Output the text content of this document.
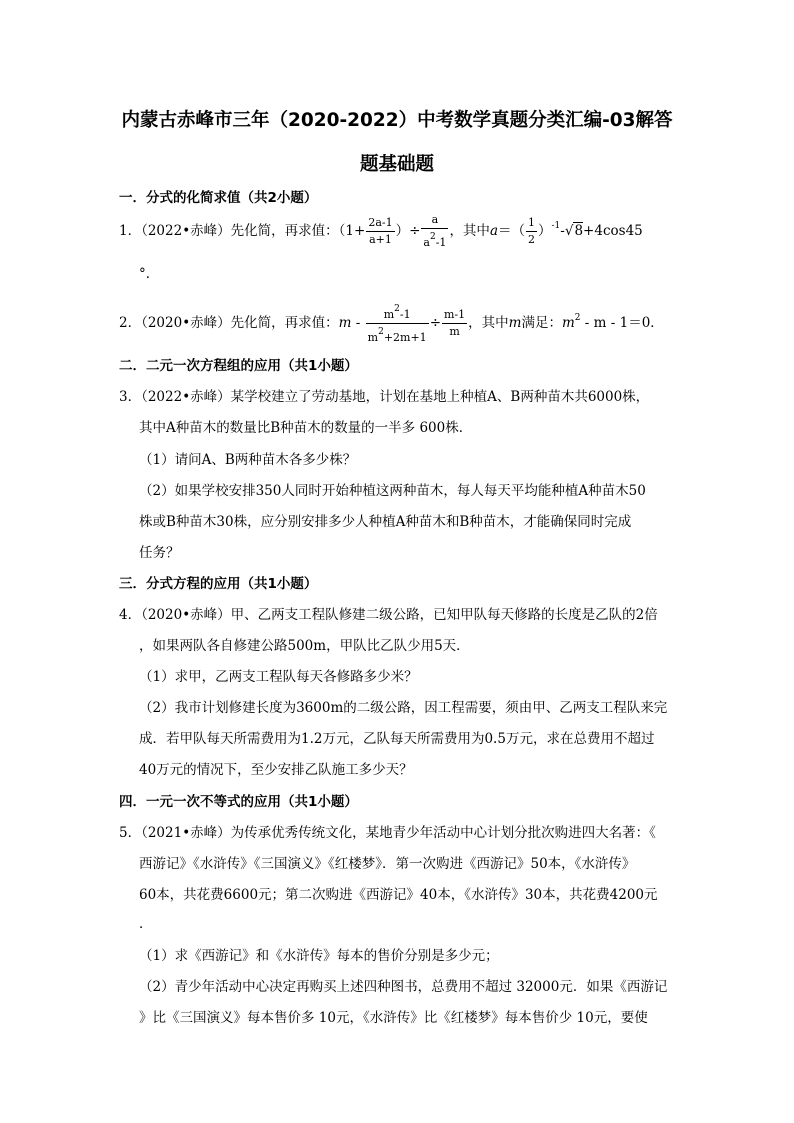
内蒙古赤峰市三年（2020-2022）中考数学真题分类汇编-03解答
题基础题
一．分式的化简求值（共2小题）
1．（2022•赤峰）先化简，再求值：（$1+ \frac{2a-1}{a+1}$ ）÷ $\frac{a}{a^2-1}$ ，其中$a=( \frac{1}{2} )^{-1}-√8+4\cos 45$
°．
2．（2020•赤峰）先化简，再求值：$m - \frac{m^2-1}{m^2+2m+1} \div \frac{m-1}{m}$ ，其中m满足：$m^2 - m - 1=0$．
二．二元一次方程组的应用（共1小题）
3．（2022•赤峰）某学校建立了劳动基地，计划在基地上种植A、B两种苗木共6000株，
其中A种苗木的数量比B种苗木的数量的一半多 600株．
（1）请问A、B两种苗木各多少株？
（2）如果学校安排350人同时开始种植这两种苗木，每人每天平均能种植A种苗木50
株或B种苗木30株，应分别安排多少人种植A种苗木和B种苗木，才能确保同时完成
任务？
三．分式方程的应用（共1小题）
4．（2020•赤峰）甲、乙两支工程队修建二级公路，已知甲队每天修路的长度是乙队的2倍
，如果两队各自修建公路500m，甲队比乙队少用5天．
（1）求甲，乙两支工程队每天各修路多少米？
（2）我市计划修建长度为3600m的二级公路，因工程需要，须由甲、乙两支工程队来完
成．若甲队每天所需费用为1.2万元，乙队每天所需费用为0.5万元，求在总费用不超过
40万元的情况下，至少安排乙队施工多少天？
四．一元一次不等式的应用（共1小题）
5．（2021•赤峰）为传承优秀传统文化，某地青少年活动中心计划分批次购进四大名著：《
西游记》《水浒传》《三国演义》《红楼梦》．第一次购进《西游记》50本，《水浒传》
60本，共花费6600元；第二次购进《西游记》40本，《水浒传》30本，共花费4200元
．
（1）求《西游记》和《水浒传》每本的售价分别是多少元；
（2）青少年活动中心决定再购买上述四种图书，总费用不超过 32000元．如果《西游记
》比《三国演义》每本售价多 10元，《水浒传》比《红楼梦》每本售价少 10元，要使
